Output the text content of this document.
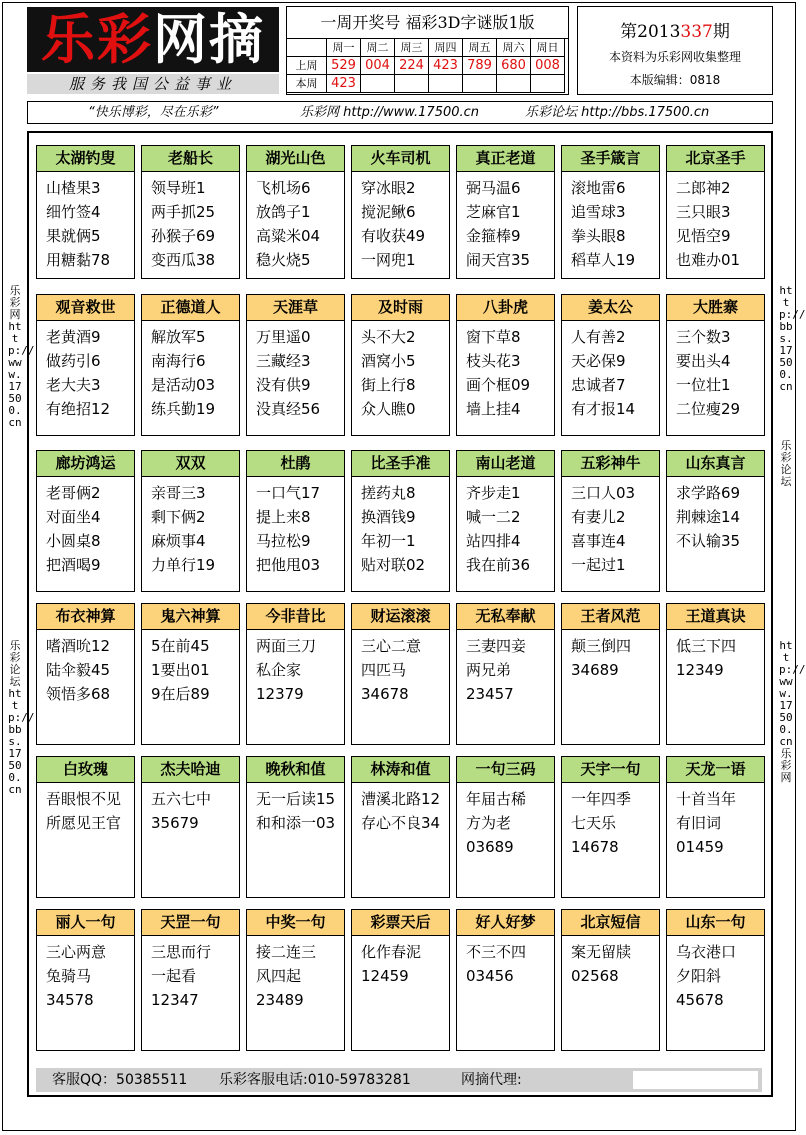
乐彩网摘
服务我国公益事业
一周开奖号 福彩3D字谜版1版
周一	周二	周三	周四	周五	周六	周日
上周	529 004 224 423 789 680 008
本周	423
第2013337期
本资料为乐彩网收集整理
本版编辑：0818
“快乐博彩，尽在乐彩”	乐彩网 http://www.17500.cn	乐彩论坛 http://bbs.17500.cn
乐彩网 http://www.17500.cn
乐彩论坛 http://bbs.17500.cn
http://bbs.17500.cn
乐彩论坛
http://www.17500.cn 乐彩网
太湖钓叟
山楂果3
细竹签4
果就俩5
用糖黏78
老船长
领导班1
两手抓25
孙猴子69
变西瓜38
湖光山色
飞机场6
放鸽子1
高粱米04
稳火烧5
火车司机
穿冰眼2
搅泥鳅6
有收获49
一网兜1
真正老道
弼马温6
芝麻官1
金箍棒9
闹天宫35
圣手箴言
滚地雷6
追雪球3
拳头眼8
稻草人19
北京圣手
二郎神2
三只眼3
见悟空9
也难办01
观音救世
老黄酒9
做药引6
老大夫3
有绝招12
正德道人
解放军5
南海行6
是活动03
练兵勤19
天涯草
万里遥0
三藏经3
没有供9
没真经56
及时雨
头不大2
酒窝小5
街上行8
众人瞧0
八卦虎
窗下草8
枝头花3
画个框09
墙上挂4
姜太公
人有善2
天必保9
忠诚者7
有才报14
大胜寨
三个数3
要出头4
一位壮1
二位瘦29
廊坊鸿运
老哥俩2
对面坐4
小圆桌8
把酒喝9
双双
亲哥三3
剩下俩2
麻烦事4
力单行19
杜鹃
一口气17
提上来8
马拉松9
把他甩03
比圣手准
搓药丸8
换酒钱9
年初一1
贴对联02
南山老道
齐步走1
喊一二2
站四排4
我在前36
五彩神牛
三口人03
有妻儿2
喜事连4
一起过1
山东真言
求学路69
荆棘途14
不认输35
布衣神算
嗜酒吮12
陆伞毅45
领悟多68
鬼六神算
5在前45
1要出01
9在后89
今非昔比
两面三刀
私企家
12379
财运滚滚
三心二意
四匹马
34678
无私奉献
三妻四妾
两兄弟
23457
王者风范
颠三倒四
34689
王道真诀
低三下四
12349
白玫瑰
吾眼恨不见
所愿见王官
杰夫哈迪
五六七中
35679
晚秋和值
无一后读15
和和添一03
林涛和值
漕溪北路12
存心不良34
一句三码
年届古稀
方为老
03689
天宇一句
一年四季
七天乐
14678
天龙一语
十首当年
有旧词
01459
丽人一句
三心两意
兔骑马
34578
天罡一句
三思而行
一起看
12347
中奖一句
接二连三
风四起
23489
彩票天后
化作春泥
12459
好人好梦
不三不四
03456
北京短信
案无留牍
02568
山东一句
乌衣港口
夕阳斜
45678
客服QQ：50385511 乐彩客服电话:010-59783281	网摘代理:
